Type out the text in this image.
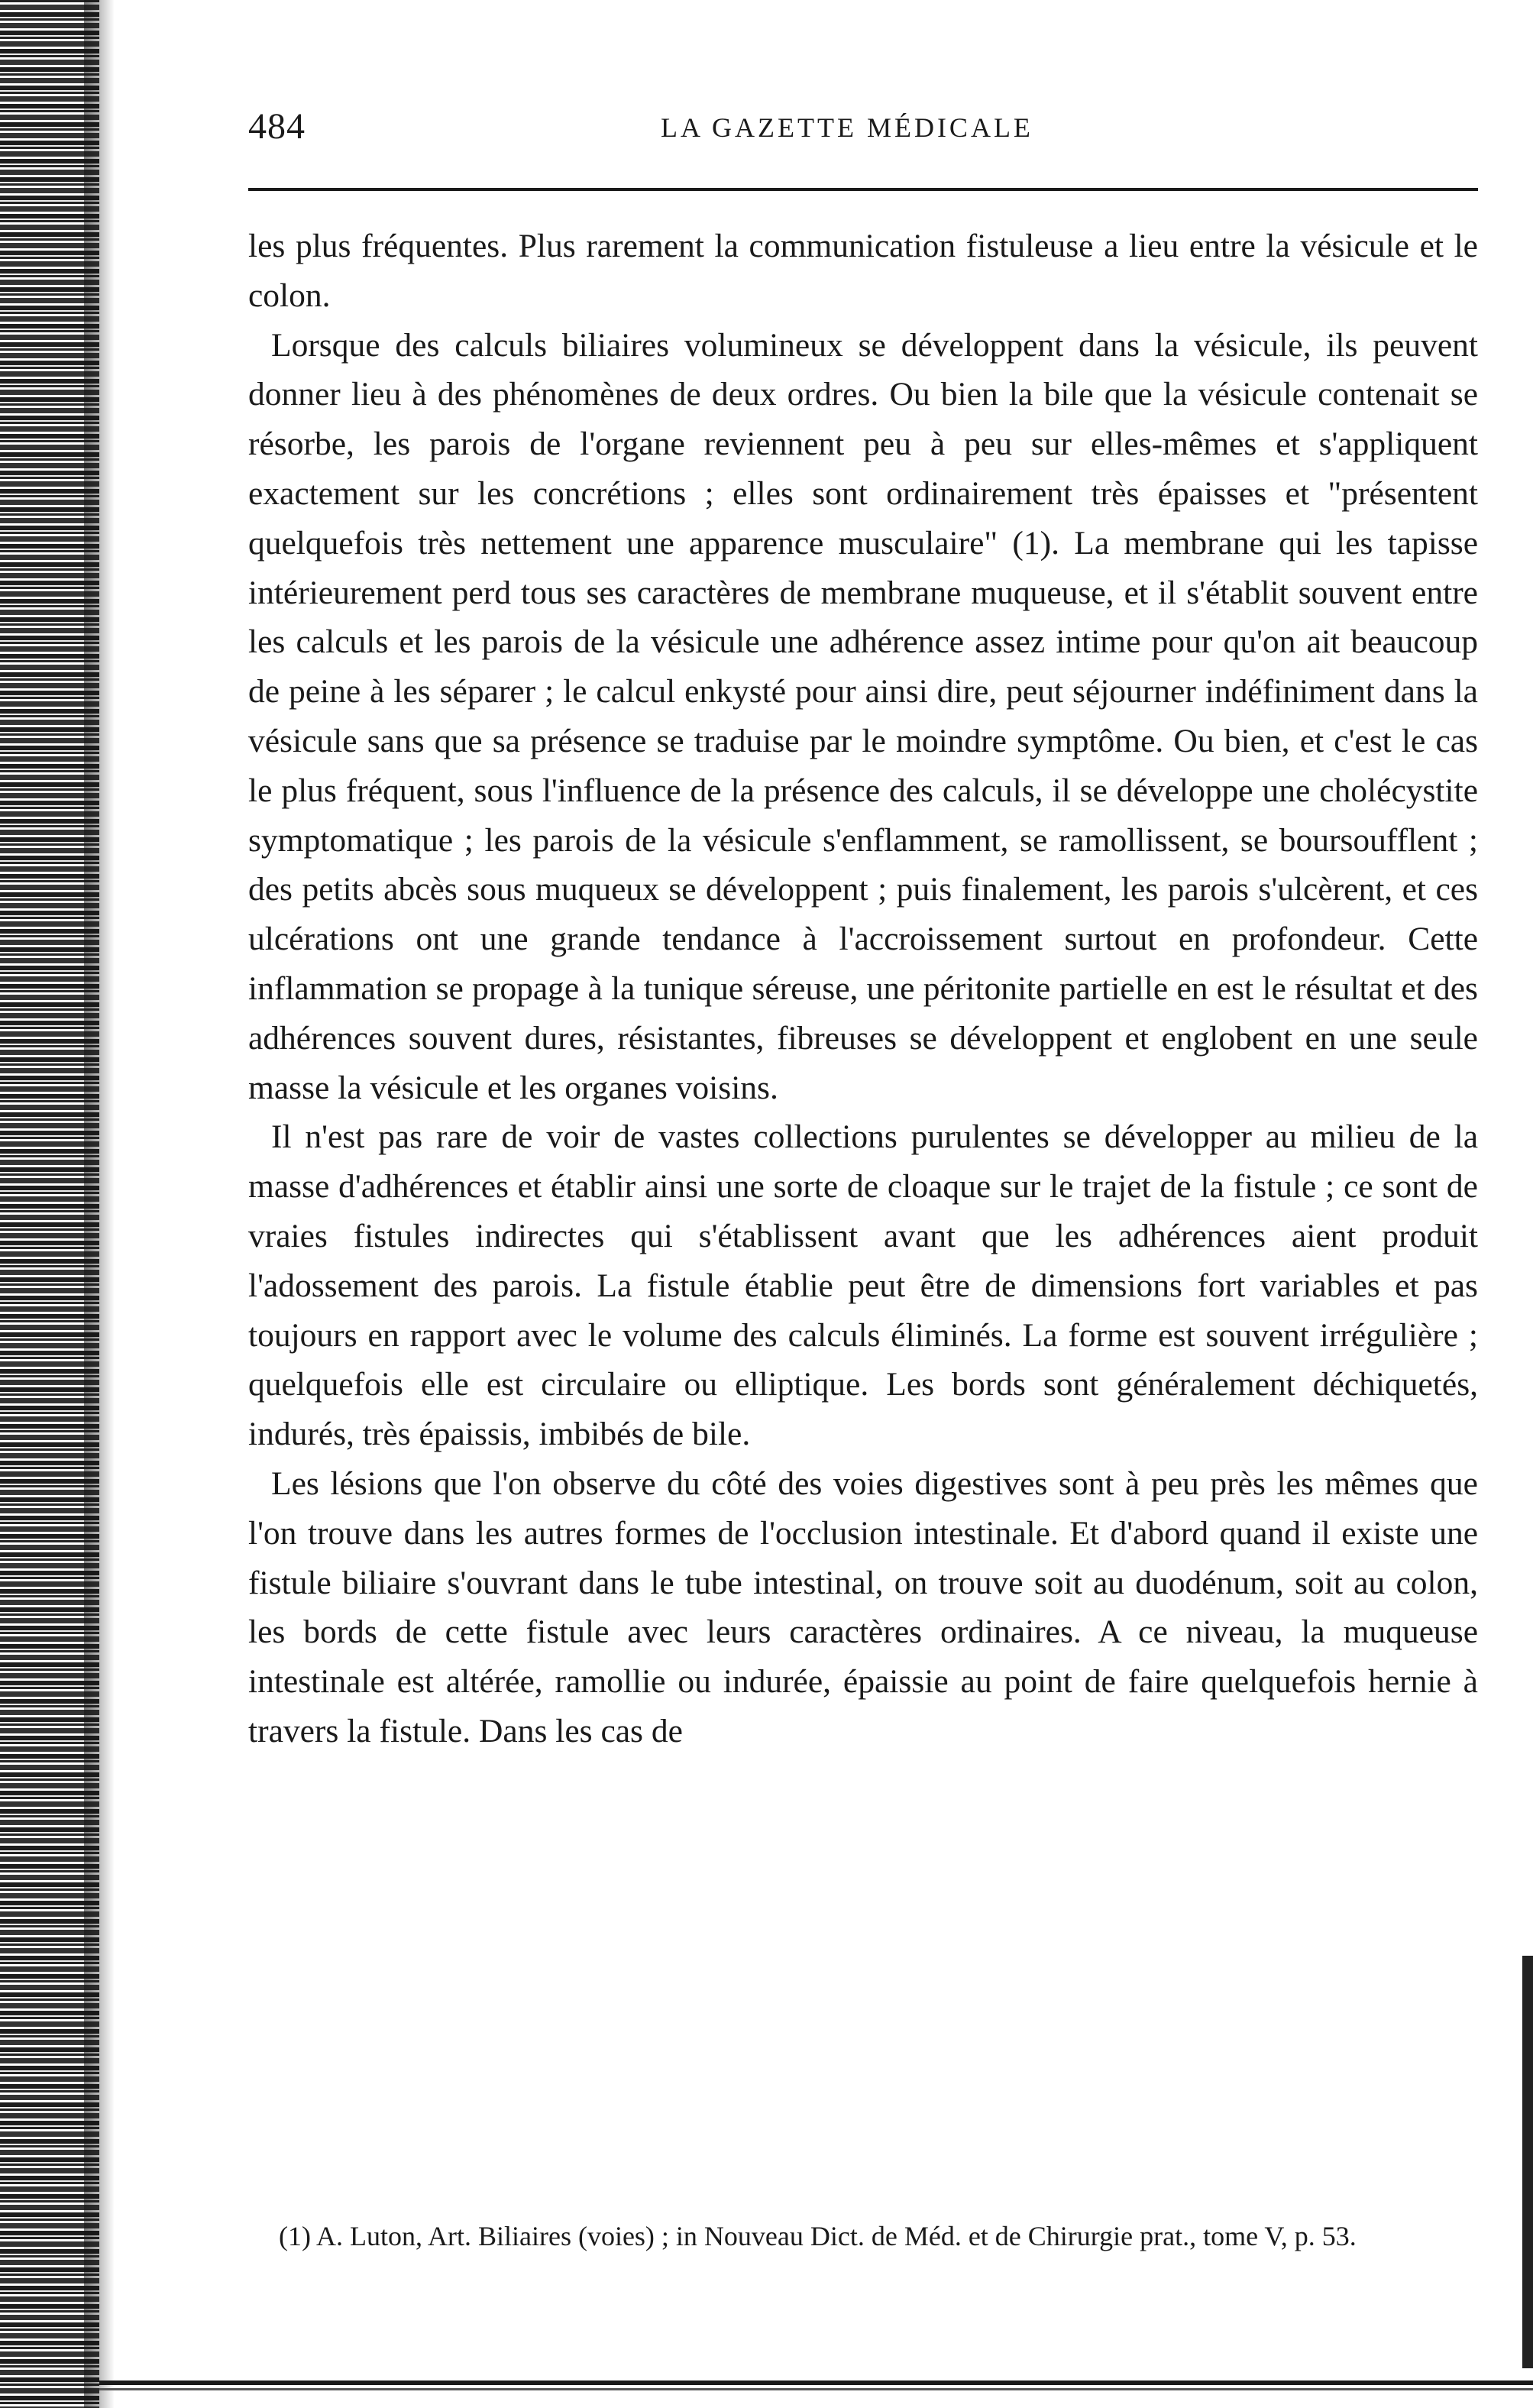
484	LA GAZETTE MÉDICALE

les plus fréquentes. Plus rarement la communication fistuleuse a lieu entre la vésicule et le colon.

Lorsque des calculs biliaires volumineux se développent dans la vésicule, ils peuvent donner lieu à des phénomènes de deux ordres. Ou bien la bile que la vésicule contenait se résorbe, les parois de l'organe reviennent peu à peu sur elles-mêmes et s'appliquent exactement sur les concrétions ; elles sont ordinairement très épaisses et "présentent quelquefois très nettement une apparence musculaire" (1). La membrane qui les tapisse intérieurement perd tous ses caractères de membrane muqueuse, et il s'établit souvent entre les calculs et les parois de la vésicule une adhérence assez intime pour qu'on ait beaucoup de peine à les séparer ; le calcul enkysté pour ainsi dire, peut séjourner indéfiniment dans la vésicule sans que sa présence se traduise par le moindre symptôme. Ou bien, et c'est le cas le plus fréquent, sous l'influence de la présence des calculs, il se développe une cholécystite symptomatique ; les parois de la vésicule s'enflamment, se ramollissent, se boursoufflent ; des petits abcès sous muqueux se développent ; puis finalement, les parois s'ulcèrent, et ces ulcérations ont une grande tendance à l'accroissement surtout en profondeur. Cette inflammation se propage à la tunique séreuse, une péritonite partielle en est le résultat et des adhérences souvent dures, résistantes, fibreuses se développent et englobent en une seule masse la vésicule et les organes voisins.

Il n'est pas rare de voir de vastes collections purulentes se développer au milieu de la masse d'adhérences et établir ainsi une sorte de cloaque sur le trajet de la fistule ; ce sont de vraies fistules indirectes qui s'établissent avant que les adhérences aient produit l'adossement des parois. La fistule établie peut être de dimensions fort variables et pas toujours en rapport avec le volume des calculs éliminés. La forme est souvent irrégulière ; quelquefois elle est circulaire ou elliptique. Les bords sont généralement déchiquetés, indurés, très épaissis, imbibés de bile.

Les lésions que l'on observe du côté des voies digestives sont à peu près les mêmes que l'on trouve dans les autres formes de l'occlusion intestinale. Et d'abord quand il existe une fistule biliaire s'ouvrant dans le tube intestinal, on trouve soit au duodénum, soit au colon, les bords de cette fistule avec leurs caractères ordinaires. A ce niveau, la muqueuse intestinale est altérée, ramollie ou indurée, épaissie au point de faire quelquefois hernie à travers la fistule. Dans les cas de

(1) A. Luton, Art. Biliaires (voies) ; in Nouveau Dict. de Méd. et de Chirurgie prat., tome V, p. 53.
